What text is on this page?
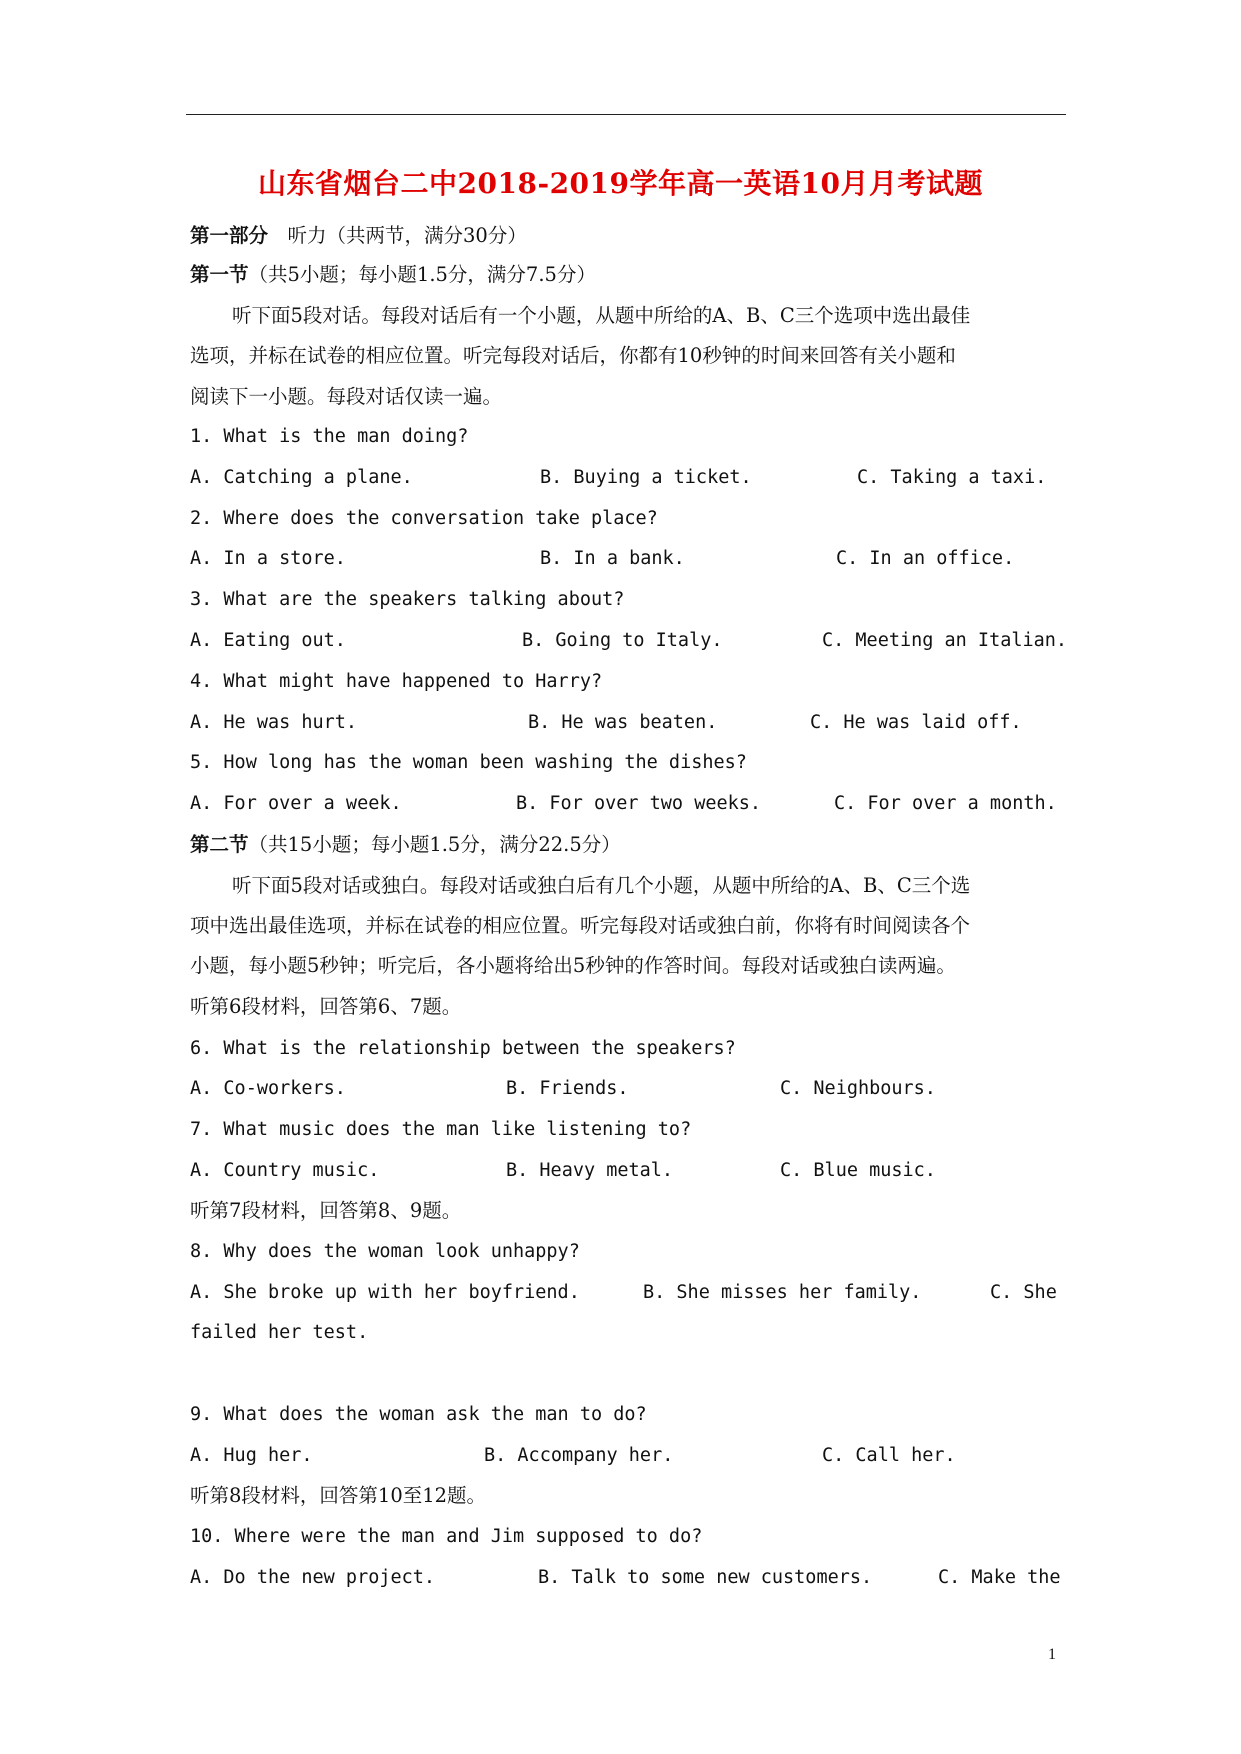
山东省烟台二中2018-2019学年高一英语10月月考试题
第一部分　听力（共两节，满分30分）
第一节（共5小题；每小题1.5分，满分7.5分）
听下面5段对话。每段对话后有一个小题，从题中所给的A、B、C三个选项中选出最佳
选项，并标在试卷的相应位置。听完每段对话后，你都有10秒钟的时间来回答有关小题和
阅读下一小题。每段对话仅读一遍。
1. What is the man doing?
A. Catching a plane.	B. Buying a ticket.	C. Taking a taxi.
2. Where does the conversation take place?
A. In a store.	B. In a bank.	C. In an office.
3. What are the speakers talking about?
A. Eating out.	B. Going to Italy.	C. Meeting an Italian.
4. What might have happened to Harry?
A. He was hurt.	B. He was beaten.	C. He was laid off.
5. How long has the woman been washing the dishes?
A. For over a week.	B. For over two weeks.	C. For over a month.
第二节（共15小题；每小题1.5分，满分22.5分）
听下面5段对话或独白。每段对话或独白后有几个小题，从题中所给的A、B、C三个选
项中选出最佳选项，并标在试卷的相应位置。听完每段对话或独白前，你将有时间阅读各个
小题，每小题5秒钟；听完后，各小题将给出5秒钟的作答时间。每段对话或独白读两遍。
听第6段材料，回答第6、7题。
6. What is the relationship between the speakers?
A. Co-workers.	B. Friends.	C. Neighbours.
7. What music does the man like listening to?
A. Country music.	B. Heavy metal.	C. Blue music.
听第7段材料，回答第8、9题。
8. Why does the woman look unhappy?
A. She broke up with her boyfriend.	B. She misses her family.	C. She
failed her test.
9. What does the woman ask the man to do?
A. Hug her.	B. Accompany her.	C. Call her.
听第8段材料，回答第10至12题。
10. Where were the man and Jim supposed to do?
A. Do the new project.	B. Talk to some new customers.	C. Make the
1
